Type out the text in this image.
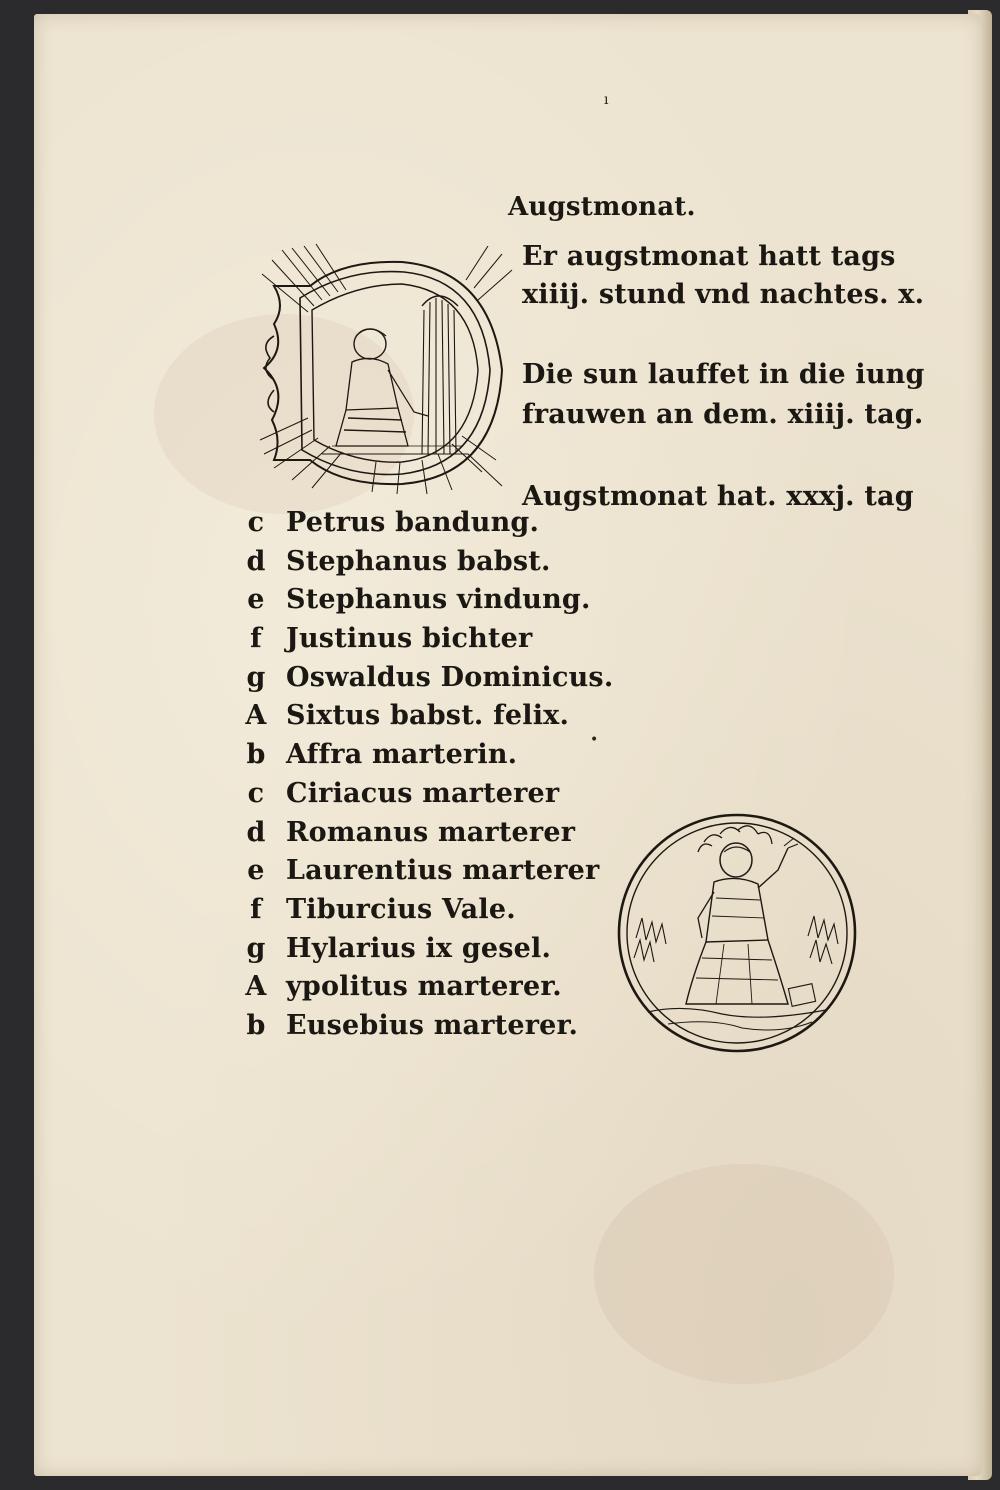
Augstmonat.
Er augstmonat hatt tags
xiiij. stund vnd nachtes. x.
Die sun lauffet in die iung
frauwen an dem. xiiij. tag.
Augstmonat hat. xxxj. tag
c Petrus bandung.
d Stephanus babst.
e Stephanus vindung.
f Justinus bichter
g Oswaldus Dominicus.
A Sixtus babst. felix.
b Affra marterin.
c Ciriacus marterer
d Romanus marterer
e Laurentius marterer
f Tiburcius Vale.
g Hylarius ix gesel.
A ypolitus marterer.
b Eusebius marterer.
ı
•
